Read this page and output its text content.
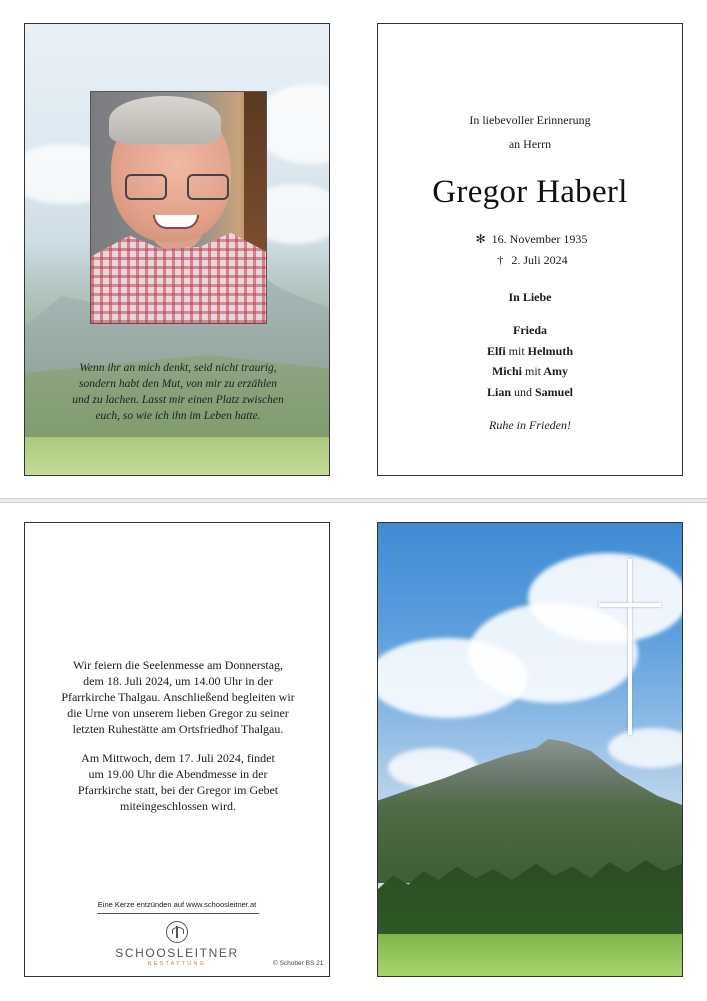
Wenn ihr an mich denkt, seid nicht traurig,
sondern habt den Mut, von mir zu erzählen
und zu lachen. Lasst mir einen Platz zwischen
euch, so wie ich ihn im Leben hatte.
In liebevoller Erinnerung
an Herrn
Gregor Haberl
✻ 16. November 1935
† 2. Juli 2024
In Liebe
Frieda
Elfi mit Helmuth
Michi mit Amy
Lian und Samuel
Ruhe in Frieden!
Wir feiern die Seelenmesse am Donnerstag,
dem 18. Juli 2024, um 14.00 Uhr in der
Pfarrkirche Thalgau. Anschließend begleiten wir
die Urne von unserem lieben Gregor zu seiner
letzten Ruhestätte am Ortsfriedhof Thalgau.
Am Mittwoch, dem 17. Juli 2024, findet
um 19.00 Uhr die Abendmesse in der
Pfarrkirche statt, bei der Gregor im Gebet
miteingeschlossen wird.
Eine Kerze entzünden auf www.schoosleitner.at
SCHOOSLEITNER
BESTATTUNG	© Schober BS 21
